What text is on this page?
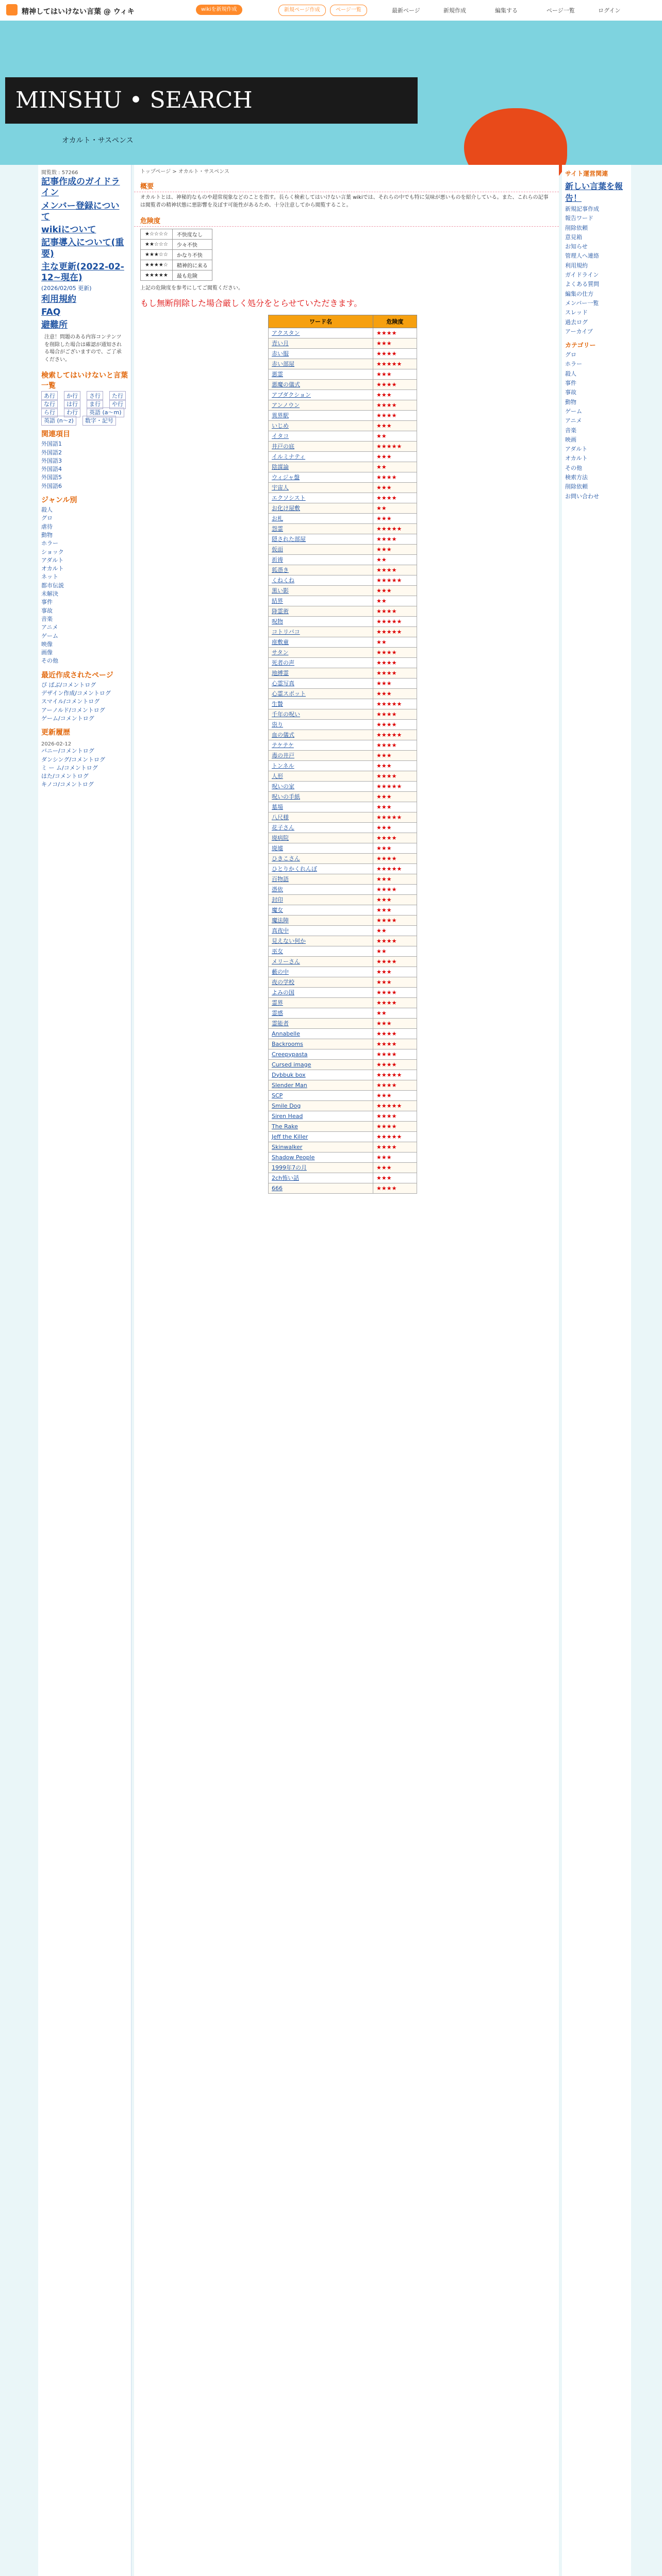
精神してはいけない言葉 @ ウィキ	wikiを新規作成	新規ページ作成	ページ一覧	最新ページ	新規作成	編集する	ページ一覧	ログイン
MINSHU • SEARCH
オカルト・サスペンス
閲覧数 : 57266
記事作成のガイドライン
メンバー登録について
wikiについて
記事導入について(重要)
主な更新(2022-02-12~現在)
(2026/02/05 更新)
利用規約
FAQ
避難所
注意！問題のある内容コンテンツを削除した場合は確認が通知される場合がございますので、ご了承ください。
検索してはいけないと言葉一覧
あ行 か行 さ行 た行な行 は行 ま行 や行ら行 わ行 英語 (a〜m)英語 (n〜z) 数字・記号
関連項目
外国語1
外国語2
外国語3
外国語4
外国語5
外国語6
ジャンル別
殺人
グロ
虐待
動物
ホラー
ショック
アダルト
オカルト
ネット
都市伝説
未解決
事件
事故
音楽
アニメ
ゲーム
映像
画像
その他
最近作成されたページ
ぴ ばぶ/コメントログ
デザイン作成/コメントログ
スマイル/コメントログ
アーノルド/コメントログ
ゲーム/コメントログ
更新履歴
2026-02-12
バニー/コメントログ
ダンシング/コメントログ
ミ ー ム/コメントログ
はた/コメントログ
キノコ/コメントログ
トップページ > オカルト・サスペンス
概要
オカルトとは、神秘的なものや超常現象などのことを指す。長らく検索してはいけない言葉 wikiでは、それらの中でも特に気味が悪いものを紹介している。また、これらの記事は閲覧者の精神状態に悪影響を及ぼす可能性があるため、十分注意してから閲覧すること。
危険度
★☆☆☆☆	不快度なし
★★☆☆☆	少々不快
★★★☆☆	かなり不快
★★★★☆	精神的に来る
★★★★★	最も危険
上記の危険度を参考にしてご閲覧ください。
もし無断削除した場合厳しく処分をとらせていただきます。
ワード名	危険度
アクスタン	★★★★
青い月	★★★
赤い服	★★★★
赤い部屋	★★★★★
悪霊	★★★
悪魔の儀式	★★★★
アブダクション	★★★
アンノウン	★★★★
異界駅	★★★★
いじめ	★★★
イタコ	★★
井戸の底	★★★★★
イルミナティ	★★★
陰謀論	★★
ウィジャ盤	★★★★
宇宙人	★★★
エクソシスト	★★★★
お化け屋敷	★★
お札	★★★
怨霊	★★★★★
隠された部屋	★★★★
仮面	★★★
祈祷	★★
狐憑き	★★★★
くねくね	★★★★★
黒い影	★★★
結界	★★
降霊術	★★★★
呪物	★★★★★
コトリバコ	★★★★★
座敷童	★★
サタン	★★★★
死者の声	★★★★
地縛霊	★★★★
心霊写真	★★★
心霊スポット	★★★
生贄	★★★★★
千年の呪い	★★★★
祟り	★★★★
血の儀式	★★★★★
テケテケ	★★★★
毒の井戸	★★★
トンネル	★★★
人形	★★★★
呪いの家	★★★★★
呪いの手紙	★★★
墓場	★★★
八尺様	★★★★★
花子さん	★★★
廃病院	★★★★
廃墟	★★★
ひきこさん	★★★★
ひとりかくれんぼ	★★★★★
百物語	★★★
憑依	★★★★
封印	★★★
魔女	★★★
魔法陣	★★★★
真夜中	★★
見えない何か	★★★★
巫女	★★
メリーさん	★★★★
藪の中	★★★
夜の学校	★★★
よみの国	★★★★
霊界	★★★★
霊感	★★
霊能者	★★★
Annabelle	★★★★
Backrooms	★★★★
Creepypasta	★★★★
Cursed image	★★★★
Dybbuk box	★★★★★
Slender Man	★★★★
SCP	★★★
Smile Dog	★★★★★
Siren Head	★★★★
The Rake	★★★★
Jeff the Killer	★★★★★
Skinwalker	★★★★
Shadow People	★★★
1999年7の月	★★★
2ch怖い話	★★★
666	★★★★
サイト運営関連
新しい言葉を報告！
新規記事作成
報告ワード
削除依頼
意見箱
お知らせ
管理人へ連絡
利用規約
ガイドライン
よくある質問
編集の仕方
メンバー一覧
スレッド
過去ログ
アーカイブ
カテゴリー
グロ
ホラー
殺人
事件
事故
動物
ゲーム
アニメ
音楽
映画
アダルト
オカルト
その他
検索方法
削除依頼
お問い合わせ
